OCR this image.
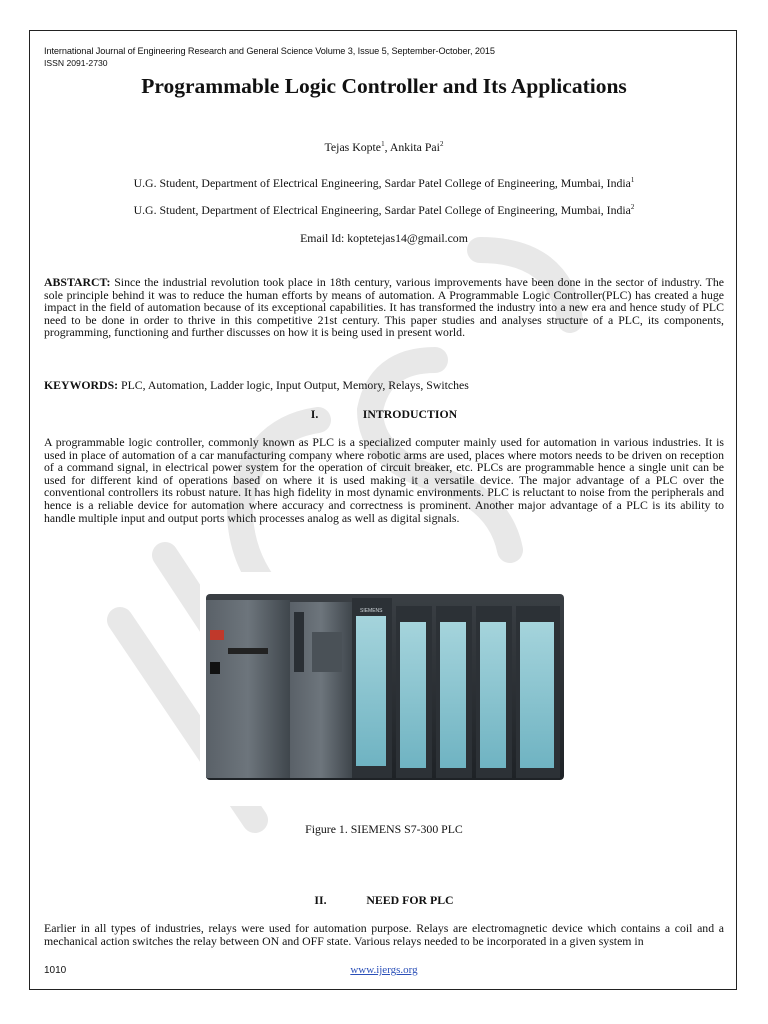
International Journal of Engineering Research and General Science Volume 3, Issue 5, September-October, 2015
ISSN 2091-2730
Programmable Logic Controller and Its Applications
Tejas Kopte$^1$, Ankita Pai$^2$
U.G. Student, Department of Electrical Engineering, Sardar Patel College of Engineering, Mumbai, India$^1$
U.G. Student, Department of Electrical Engineering, Sardar Patel College of Engineering, Mumbai, India$^2$
Email Id: koptetejas14@gmail.com

ABSTARCT: Since the industrial revolution took place in 18th century, various improvements have been done in the sector of industry. The sole principle behind it was to reduce the human efforts by means of automation. A Programmable Logic Controller(PLC) has created a huge impact in the field of automation because of its exceptional capabilities. It has transformed the industry into a new era and hence study of PLC need to be done in order to thrive in this competitive 21st century. This paper studies and analyses structure of a PLC, its components, programming, functioning and further discusses on how it is being used in present world.

KEYWORDS: PLC, Automation, Ladder logic, Input Output, Memory, Relays, Switches

I.	INTRODUCTION

A programmable logic controller, commonly known as PLC is a specialized computer mainly used for automation in various industries. It is used in place of automation of a car manufacturing company where robotic arms are used, places where motors needs to be driven on reception of a command signal, in electrical power system for the operation of circuit breaker, etc. PLCs are programmable hence a single unit can be used for different kind of operations based on where it is used making it a versatile device. The major advantage of a PLC over the conventional controllers its robust nature. It has high fidelity in most dynamic environments. PLC is reluctant to noise from the peripherals and hence is a reliable device for automation where accuracy and correctness is prominent. Another major advantage of a PLC is its ability to handle multiple input and output ports which processes analog as well as digital signals.

SIEMENS
Figure 1. SIEMENS S7-300 PLC
II.	NEED FOR PLC

Earlier in all types of industries, relays were used for automation purpose. Relays are electromagnetic device which contains a coil and a mechanical action switches the relay between ON and OFF state. Various relays needed to be incorporated in a given system in

1010	www.ijergs.org
